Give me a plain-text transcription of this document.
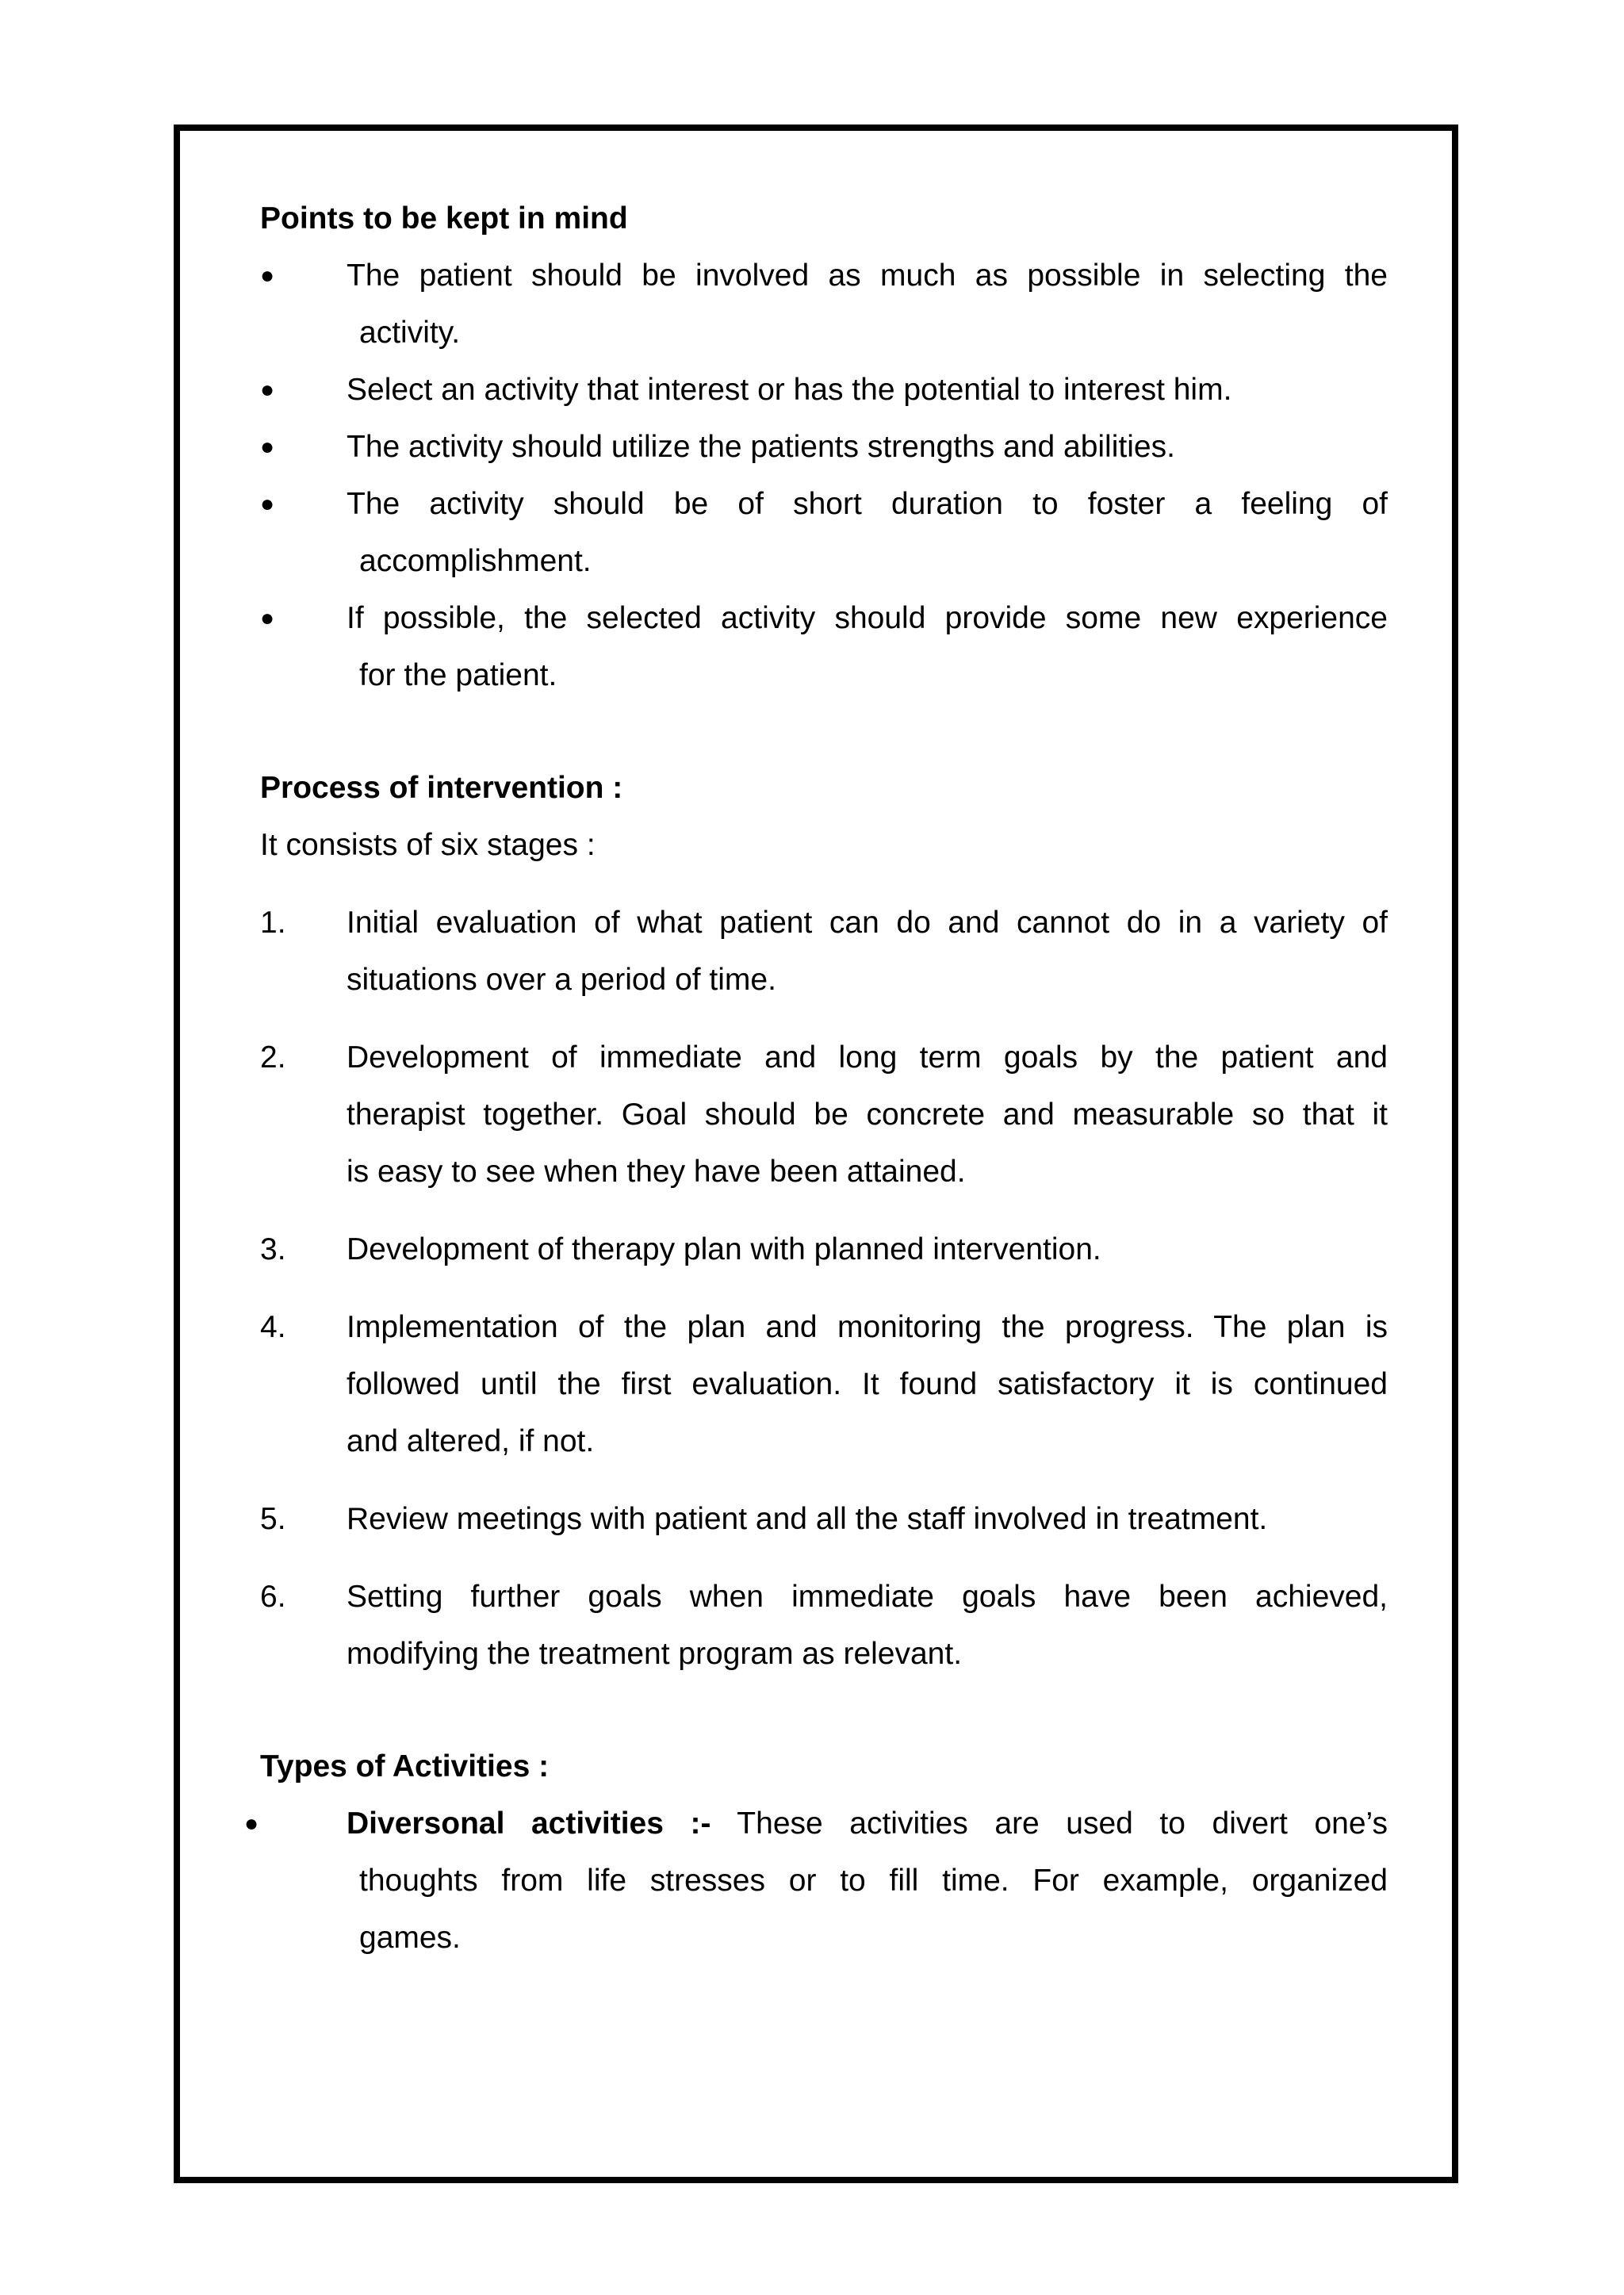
Points to be kept in mind
●	The patient should be involved as much as possible in selecting the
activity.
●	Select an activity that interest or has the potential to interest him.
●	The activity should utilize the patients strengths and abilities.
●	The activity should be of short duration to foster a feeling of
accomplishment.
●	If possible, the selected activity should provide some new experience
for the patient.
Process of intervention :
It consists of six stages :
1.	Initial evaluation of what patient can do and cannot do in a variety of
situations over a period of time.
2.	Development of immediate and long term goals by the patient and
therapist together. Goal should be concrete and measurable so that it
is easy to see when they have been attained.
3.	Development of therapy plan with planned intervention.
4.	Implementation of the plan and monitoring the progress. The plan is
followed until the first evaluation. It found satisfactory it is continued
and altered, if not.
5.	Review meetings with patient and all the staff involved in treatment.
6.	Setting further goals when immediate goals have been achieved,
modifying the treatment program as relevant.
Types of Activities :
●	Diversonal activities :- These activities are used to divert one’s
thoughts from life stresses or to fill time. For example, organized
games.
